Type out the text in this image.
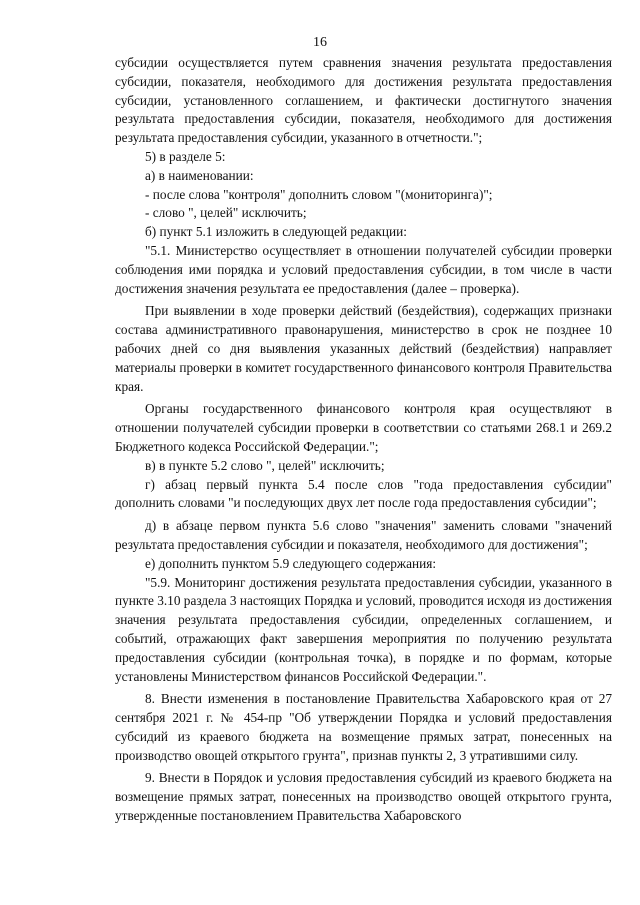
16

субсидии осуществляется путем сравнения значения результата предоставления субсидии, показателя, необходимого для достижения результата предоставления субсидии, установленного соглашением, и фактически достигнутого значения результата предоставления субсидии, показателя, необходимого для достижения результата предоставления субсидии, указанного в отчетности.";

5) в разделе 5:

а) в наименовании:

- после слова "контроля" дополнить словом "(мониторинга)";

- слово ", целей" исключить;

б) пункт 5.1 изложить в следующей редакции:

"5.1. Министерство осуществляет в отношении получателей субсидии проверки соблюдения ими порядка и условий предоставления субсидии, в том числе в части достижения значения результата ее предоставления (далее – проверка).

При выявлении в ходе проверки действий (бездействия), содержащих признаки состава административного правонарушения, министерство в срок не позднее 10 рабочих дней со дня выявления указанных действий (бездействия) направляет материалы проверки в комитет государственного финансового контроля Правительства края.

Органы государственного финансового контроля края осуществляют в отношении получателей субсидии проверки в соответствии со статьями 268.1 и 269.2 Бюджетного кодекса Российской Федерации.";

в) в пункте 5.2 слово ", целей" исключить;

г) абзац первый пункта 5.4 после слов "года предоставления субсидии" дополнить словами "и последующих двух лет после года предоставления субсидии";

д) в абзаце первом пункта 5.6 слово "значения" заменить словами "значений результата предоставления субсидии и показателя, необходимого для достижения";

е) дополнить пунктом 5.9 следующего содержания:

"5.9. Мониторинг достижения результата предоставления субсидии, указанного в пункте 3.10 раздела 3 настоящих Порядка и условий, проводится исходя из достижения значения результата предоставления субсидии, определенных соглашением, и событий, отражающих факт завершения мероприятия по получению результата предоставления субсидии (контрольная точка), в порядке и по формам, которые установлены Министерством финансов Российской Федерации.".

8. Внести изменения в постановление Правительства Хабаровского края от 27 сентября 2021 г. № 454-пр "Об утверждении Порядка и условий предоставления субсидий из краевого бюджета на возмещение прямых затрат, понесенных на производство овощей открытого грунта", признав пункты 2, 3 утратившими силу.

9. Внести в Порядок и условия предоставления субсидий из краевого бюджета на возмещение прямых затрат, понесенных на производство овощей открытого грунта, утвержденные постановлением Правительства Хабаровского
